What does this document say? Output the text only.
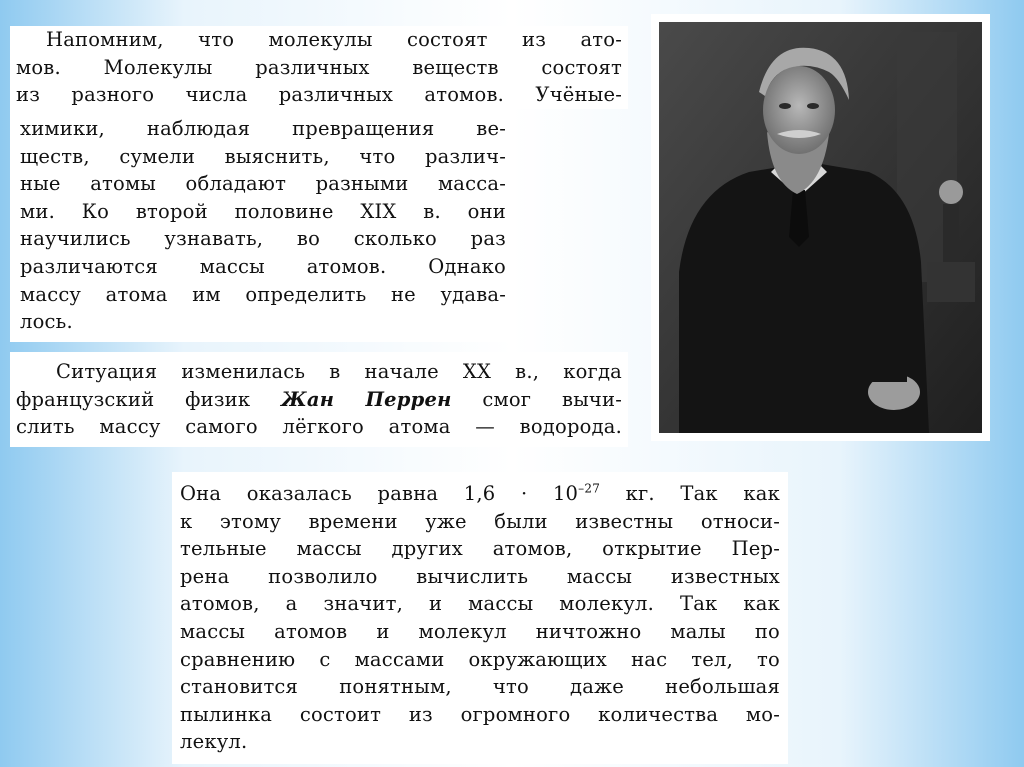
Напомним, что молекулы состоят из ато-
мов. Молекулы различных веществ состоят
из разного числа различных атомов. Учёные-
химики, наблюдая превращения ве-
ществ, сумели выяснить, что различ-
ные атомы обладают разными масса-
ми. Ко второй половине XIX в. они
научились узнавать, во сколько раз
различаются массы атомов. Однако
массу атома им определить не удава-
лось.
Ситуация изменилась в начале XX в., когда
французский физик Жан Перрен смог вычи-
слить массу самого лёгкого атома — водорода.
Она оказалась равна $1,6 \cdot 10^{-27}$ кг. Так как
к этому времени уже были известны относи-
тельные массы других атомов, открытие Пер-
рена позволило вычислить массы известных
атомов, а значит, и массы молекул. Так как
массы атомов и молекул ничтожно малы по
сравнению с массами окружающих нас тел, то
становится понятным, что даже небольшая
пылинка состоит из огромного количества мо-
лекул.
